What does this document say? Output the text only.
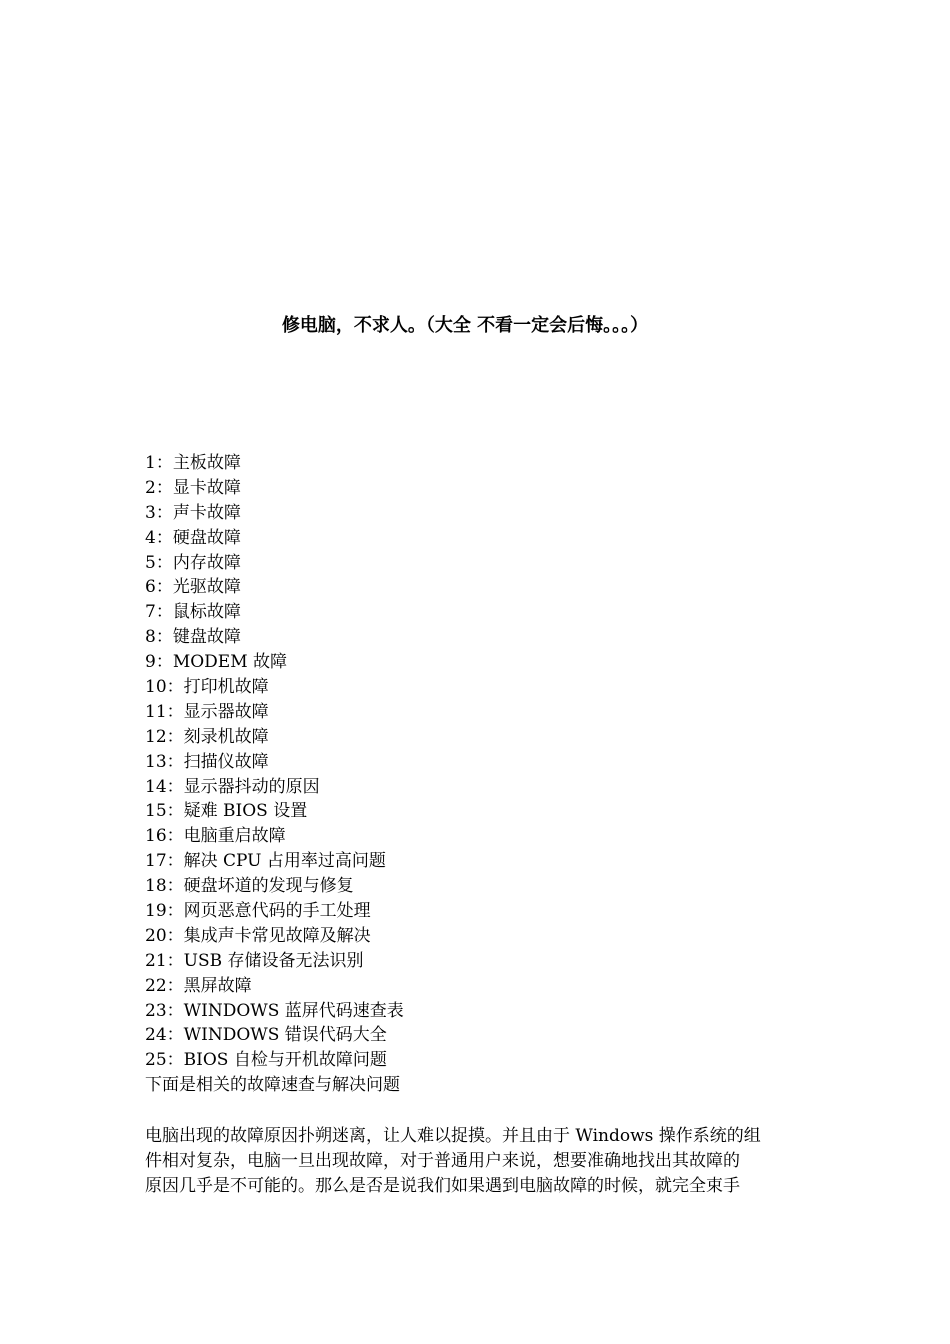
修电脑，不求人。（大全 不看一定会后悔。。。）
1：主板故障
2：显卡故障
3：声卡故障
4：硬盘故障
5：内存故障
6：光驱故障
7：鼠标故障
8：键盘故障
9：MODEM 故障
10：打印机故障
11：显示器故障
12：刻录机故障
13：扫描仪故障
14：显示器抖动的原因
15：疑难 BIOS 设置
16：电脑重启故障
17：解决 CPU 占用率过高问题
18：硬盘坏道的发现与修复
19：网页恶意代码的手工处理
20：集成声卡常见故障及解决
21：USB 存储设备无法识别
22：黑屏故障
23：WINDOWS 蓝屏代码速查表
24：WINDOWS 错误代码大全
25：BIOS 自检与开机故障问题
下面是相关的故障速查与解决问题
电脑出现的故障原因扑朔迷离，让人难以捉摸。并且由于 Windows 操作系统的组
件相对复杂，电脑一旦出现故障，对于普通用户来说，想要准确地找出其故障的
原因几乎是不可能的。那么是否是说我们如果遇到电脑故障的时候，就完全束手
